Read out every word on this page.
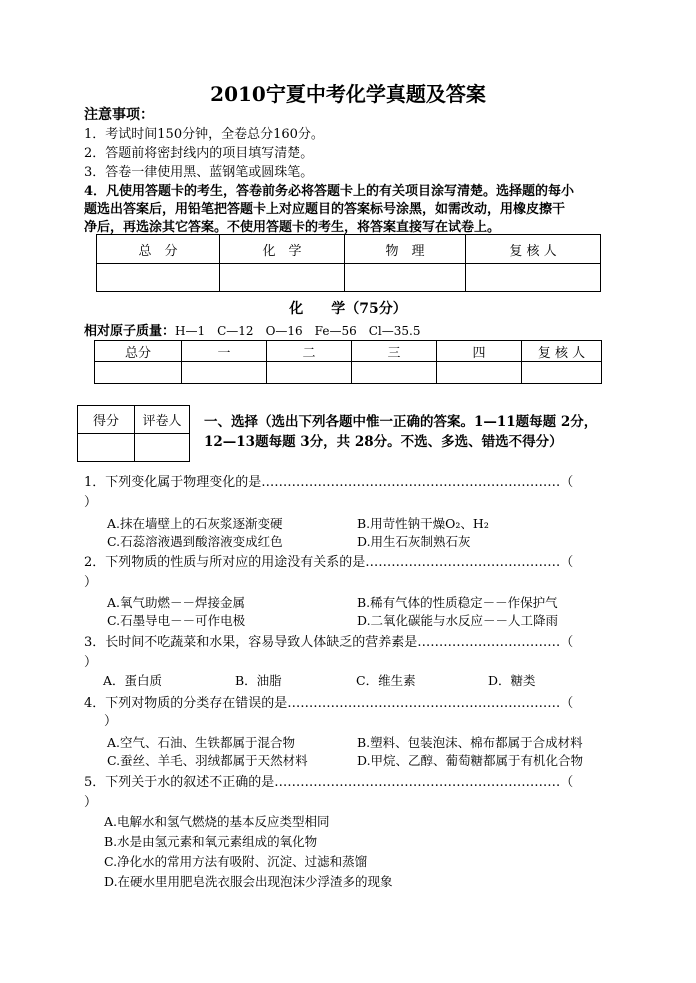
2010宁夏中考化学真题及答案
注意事项：
1．考试时间150分钟，全卷总分160分。
2．答题前将密封线内的项目填写清楚。
3．答卷一律使用黑、蓝钢笔或圆珠笔。
4．凡使用答题卡的考生，答卷前务必将答题卡上的有关项目涂写清楚。选择题的每小
题选出答案后，用铅笔把答题卡上对应题目的答案标号涂黑，如需改动，用橡皮擦干
净后，再选涂其它答案。不使用答题卡的考生，将答案直接写在试卷上。
总　分	化　学	物　理	复 核 人

化　　学（75分）
相对原子质量：H—1　C—12　O—16　Fe—56　Cl—35.5
总分	一	二	三	四	复 核 人

得分	评卷人
	一、选择（选出下列各题中惟一正确的答案。1—11题每题 2分，
12—13题每题 3分，共 28分。不选、多选、错选不得分）
1．下列变化属于物理变化的是……………………………………………………………（
）
A.抹在墙壁上的石灰浆逐渐变硬	B.用苛性钠干燥O₂、H₂
C.石蕊溶液遇到酸溶液变成红色	D.用生石灰制熟石灰
2．下列物质的性质与所对应的用途没有关系的是………………………………………（
）
A.氧气助燃－－焊接金属	B.稀有气体的性质稳定－－作保护气
C.石墨导电－－可作电极	D.二氧化碳能与水反应－－人工降雨
3．长时间不吃蔬菜和水果，容易导致人体缺乏的营养素是……………………………（
）
A．蛋白质	B．油脂	C．维生素	D．糖类
4．下列对物质的分类存在错误的是………………………………………………………（
）
A.空气、石油、生铁都属于混合物	B.塑料、包装泡沫、棉布都属于合成材料
C.蚕丝、羊毛、羽绒都属于天然材料	D.甲烷、乙醇、葡萄糖都属于有机化合物
5．下列关于水的叙述不正确的是…………………………………………………………（
）
A.电解水和氢气燃烧的基本反应类型相同
B.水是由氢元素和氧元素组成的氧化物
C.净化水的常用方法有吸附、沉淀、过滤和蒸馏
D.在硬水里用肥皂洗衣服会出现泡沫少浮渣多的现象
